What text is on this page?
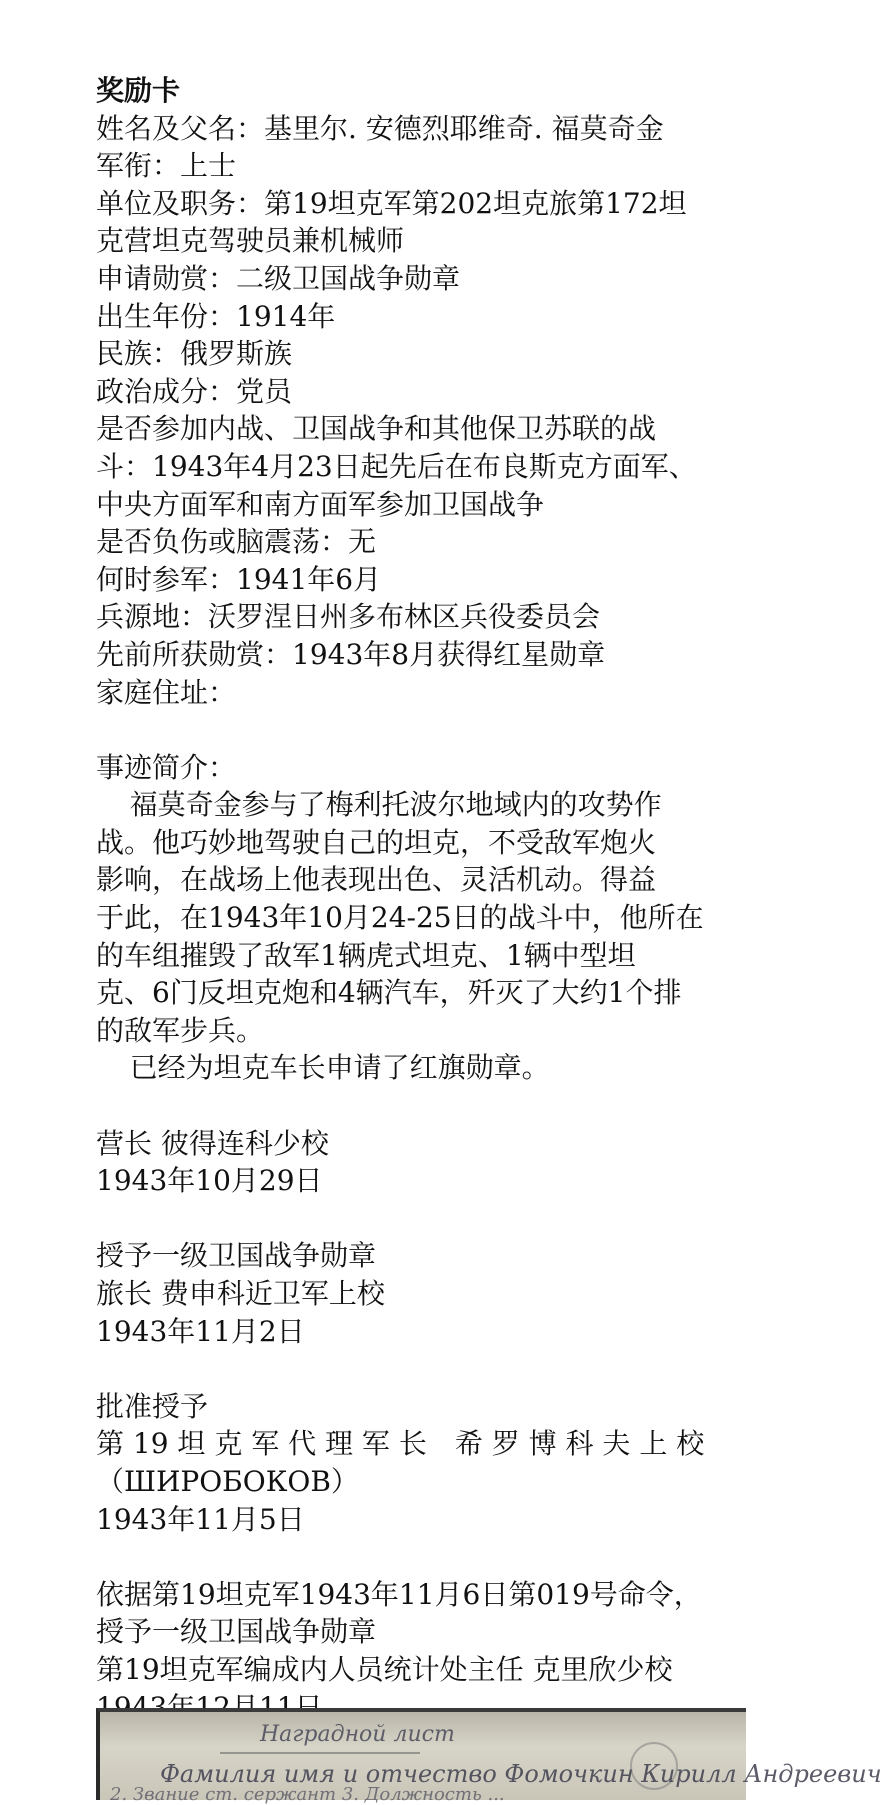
奖励卡
姓名及父名：基里尔. 安德烈耶维奇. 福莫奇金
军衔：上士
单位及职务：第19坦克军第202坦克旅第172坦
克营坦克驾驶员兼机械师
申请勋赏：二级卫国战争勋章
出生年份：1914年
民族：俄罗斯族
政治成分：党员
是否参加内战、卫国战争和其他保卫苏联的战
斗：1943年4月23日起先后在布良斯克方面军、
中央方面军和南方面军参加卫国战争
是否负伤或脑震荡：无
何时参军：1941年6月
兵源地：沃罗涅日州多布林区兵役委员会
先前所获勋赏：1943年8月获得红星勋章
家庭住址：
事迹简介：
福莫奇金参与了梅利托波尔地域内的攻势作
战。他巧妙地驾驶自己的坦克，不受敌军炮火
影响，在战场上他表现出色、灵活机动。得益
于此，在1943年10月24-25日的战斗中，他所在
的车组摧毁了敌军1辆虎式坦克、1辆中型坦
克、6门反坦克炮和4辆汽车，歼灭了大约1个排
的敌军步兵。
已经为坦克车长申请了红旗勋章。
营长 彼得连科少校
1943年10月29日
授予一级卫国战争勋章
旅长 费申科近卫军上校
1943年11月2日
批准授予
第 19 坦 克 军 代 理 军 长　希 罗 博 科 夫 上 校
（ШИРОБОКОВ）
1943年11月5日
依据第19坦克军1943年11月6日第019号命令，
授予一级卫国战争勋章
第19坦克军编成内人员统计处主任 克里欣少校
Наградной лист
Фамилия имя и отчество Фомочкин Кирилл Андреевич
2. Звание ст. сержант 3. Должность ...
